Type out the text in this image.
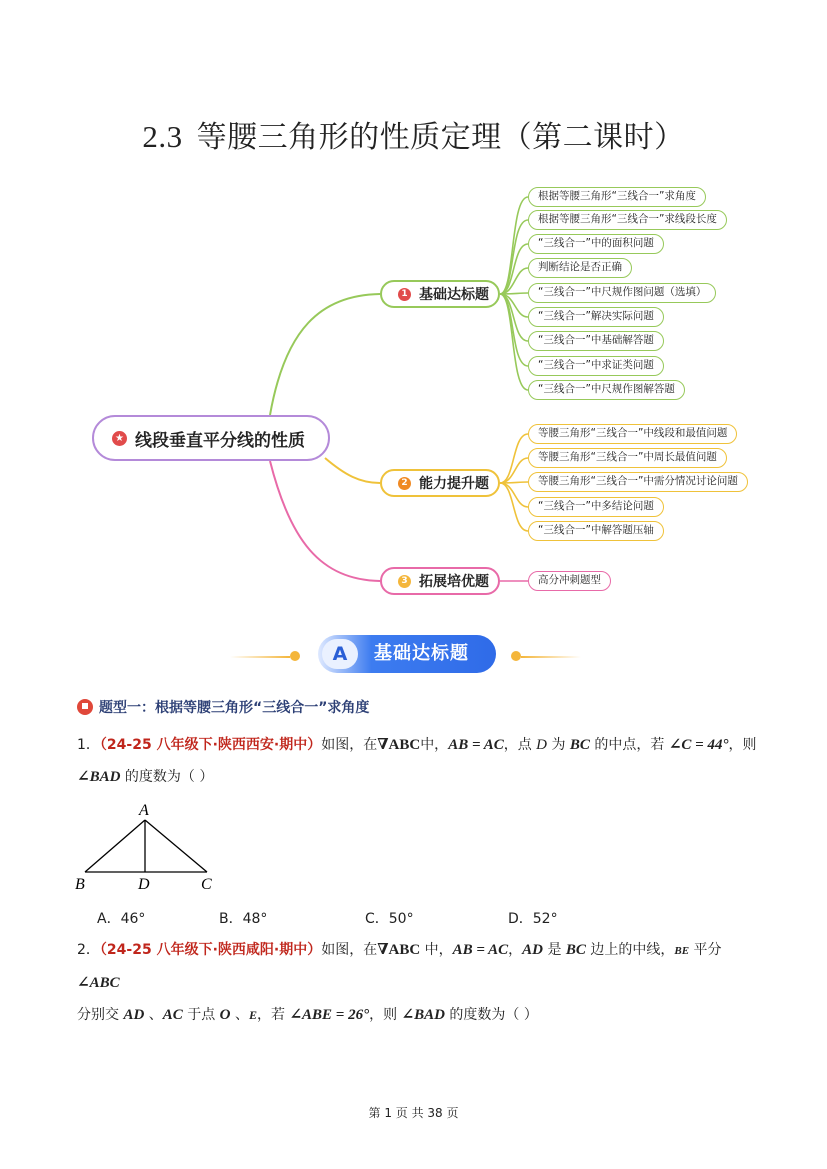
2.3 等腰三角形的性质定理（第二课时）
★ 线段垂直平分线的性质
1 基础达标题
2 能力提升题
3 拓展培优题
根据等腰三角形“三线合一”求角度
根据等腰三角形“三线合一”求线段长度
“三线合一”中的面积问题
判断结论是否正确
“三线合一”中尺规作图问题（选填）
“三线合一”解决实际问题
“三线合一”中基础解答题
“三线合一”中求证类问题
“三线合一”中尺规作图解答题
等腰三角形“三线合一”中线段和最值问题
等腰三角形“三线合一”中周长最值问题
等腰三角形“三线合一”中需分情况讨论问题
“三线合一”中多结论问题
“三线合一”中解答题压轴
高分冲刺题型
A	基础达标题
题型一：根据等腰三角形“三线合一”求角度
1．（24-25 八年级下·陕西西安·期中）如图，在∇ABC中，AB = AC，点 D 为 BC 的中点，若 ∠C = 44°，则
∠BAD 的度数为（ ）
A
B	D	C
A．46°	B．48°	C．50°	D．52°
2．（24-25 八年级下·陕西咸阳·期中）如图，在∇ABC 中，AB = AC，AD 是 BC 边上的中线，BE 平分 ∠ABC
分别交 AD 、AC 于点 O 、E，若 ∠ABE = 26°，则 ∠BAD 的度数为（ ）
第 1 页 共 38 页
